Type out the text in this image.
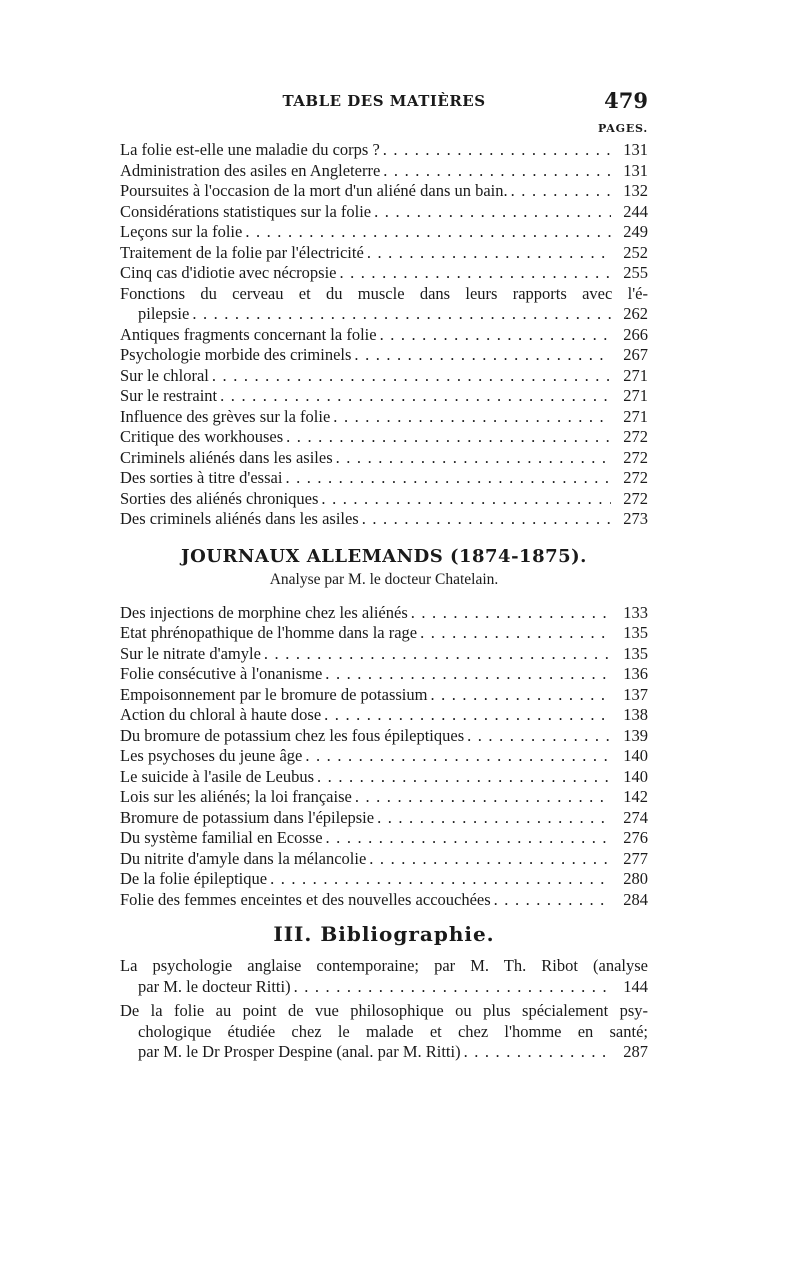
TABLE DES MATIÈRES	479
PAGES.
La folie est-elle une maladie du corps ? . . .	131
Administration des asiles en Angleterre . . .	131
Poursuites à l'occasion de la mort d'un aliéné dans un bain. . . .	132
Considérations statistiques sur la folie . . .	244
Leçons sur la folie . . .	249
Traitement de la folie par l'électricité . . .	252
Cinq cas d'idiotie avec nécropsie . . .	255
Fonctions du cerveau et du muscle dans leurs rapports avec l'é-
pilepsie . . .	262
Antiques fragments concernant la folie . . .	266
Psychologie morbide des criminels . . .	267
Sur le chloral . . .	271
Sur le restraint . . .	271
Influence des grèves sur la folie . . .	271
Critique des workhouses . . .	272
Criminels aliénés dans les asiles . . .	272
Des sorties à titre d'essai . . .	272
Sorties des aliénés chroniques . . .	272
Des criminels aliénés dans les asiles . . .	273
JOURNAUX ALLEMANDS (1874-1875).
Analyse par M. le docteur Chatelain.
Des injections de morphine chez les aliénés . . .	133
Etat phrénopathique de l'homme dans la rage . . .	135
Sur le nitrate d'amyle . . .	135
Folie consécutive à l'onanisme . . .	136
Empoisonnement par le bromure de potassium . . .	137
Action du chloral à haute dose . . .	138
Du bromure de potassium chez les fous épileptiques . . .	139
Les psychoses du jeune âge . . .	140
Le suicide à l'asile de Leubus . . .	140
Lois sur les aliénés; la loi française . . .	142
Bromure de potassium dans l'épilepsie . . .	274
Du système familial en Ecosse . . .	276
Du nitrite d'amyle dans la mélancolie . . .	277
De la folie épileptique . . .	280
Folie des femmes enceintes et des nouvelles accouchées . . .	284
III. Bibliographie.
La psychologie anglaise contemporaine; par M. Th. Ribot (analyse
par M. le docteur Ritti) . . .	144
De la folie au point de vue philosophique ou plus spécialement psy-
chologique étudiée chez le malade et chez l'homme en santé;
par M. le Dr Prosper Despine (anal. par M. Ritti) . . .	287
